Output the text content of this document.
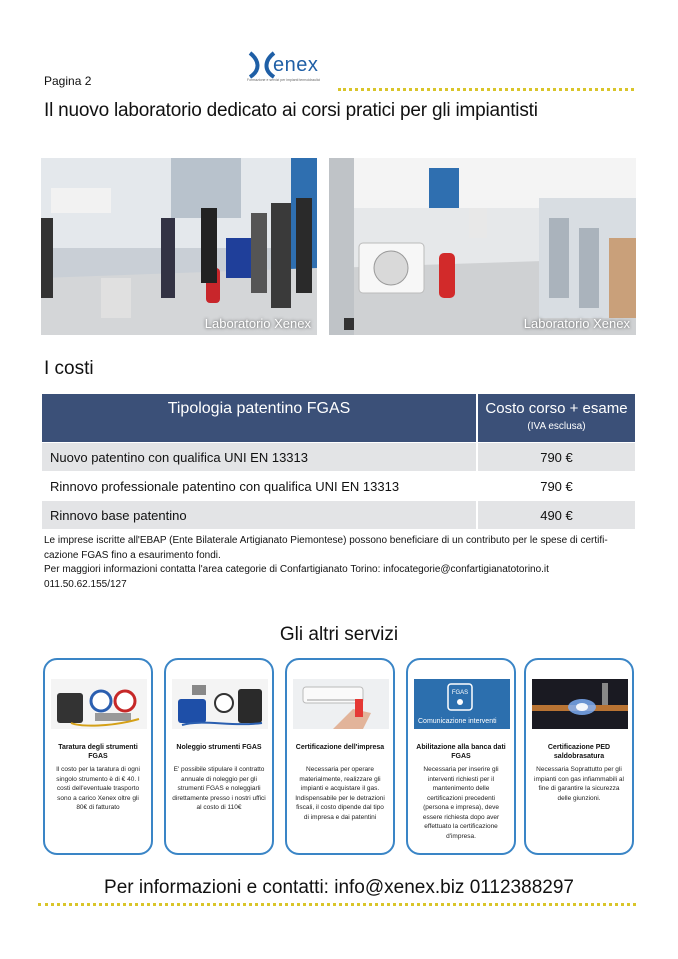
Pagina 2
enex
Formazione e servizi per impianti termoidraulici
Il nuovo laboratorio dedicato ai corsi pratici per gli impiantisti
Laboratorio Xenex	Laboratorio Xenex
I costi
Tipologia patentino FGAS	Costo corso + esame (IVA esclusa)
Nuovo patentino con qualifica UNI EN 13313	790 €
Rinnovo professionale patentino con qualifica UNI EN 13313	790 €
Rinnovo base patentino	490 €

Le imprese iscritte all'EBAP (Ente Bilaterale Artigianato Piemontese) possono beneficiare di un contributo per le spese di certifi- cazione FGAS fino a esaurimento fondi.

Per maggiori informazioni contatta l'area categorie di Confartigianato Torino: infocategorie@confartigianatotorino.it

011.50.62.155/127

Gli altri servizi
Taratura degli strumenti FGAS
Il costo per la taratura di ogni singolo strumento è di € 40. I costi dell'eventuale trasporto sono a carico Xenex oltre gli 80€ di fatturato
Noleggio strumenti FGAS
E' possibile stipulare il contratto annuale di noleggio per gli strumenti FGAS e noleggiarli direttamente presso i nostri uffici al costo di 110€
Certificazione dell'impresa
Necessaria per operare materialmente, realizzare gli impianti e acquistare il gas. Indispensabile per le detrazioni fiscali, il costo dipende dal tipo di impresa e dai patentini
FGAS
Comunicazione interventi
Abilitazione alla banca dati FGAS
Necessaria per inserire gli interventi richiesti per il mantenimento delle certificazioni precedenti (persona e impresa), deve essere richiesta dopo aver effettuato la certificazione d'impresa.
Certificazione PED saldobrasatura
Necessaria Soprattutto per gli impianti con gas infiammabili al fine di garantire la sicurezza delle giunzioni.
Per informazioni e contatti: info@xenex.biz 0112388297
